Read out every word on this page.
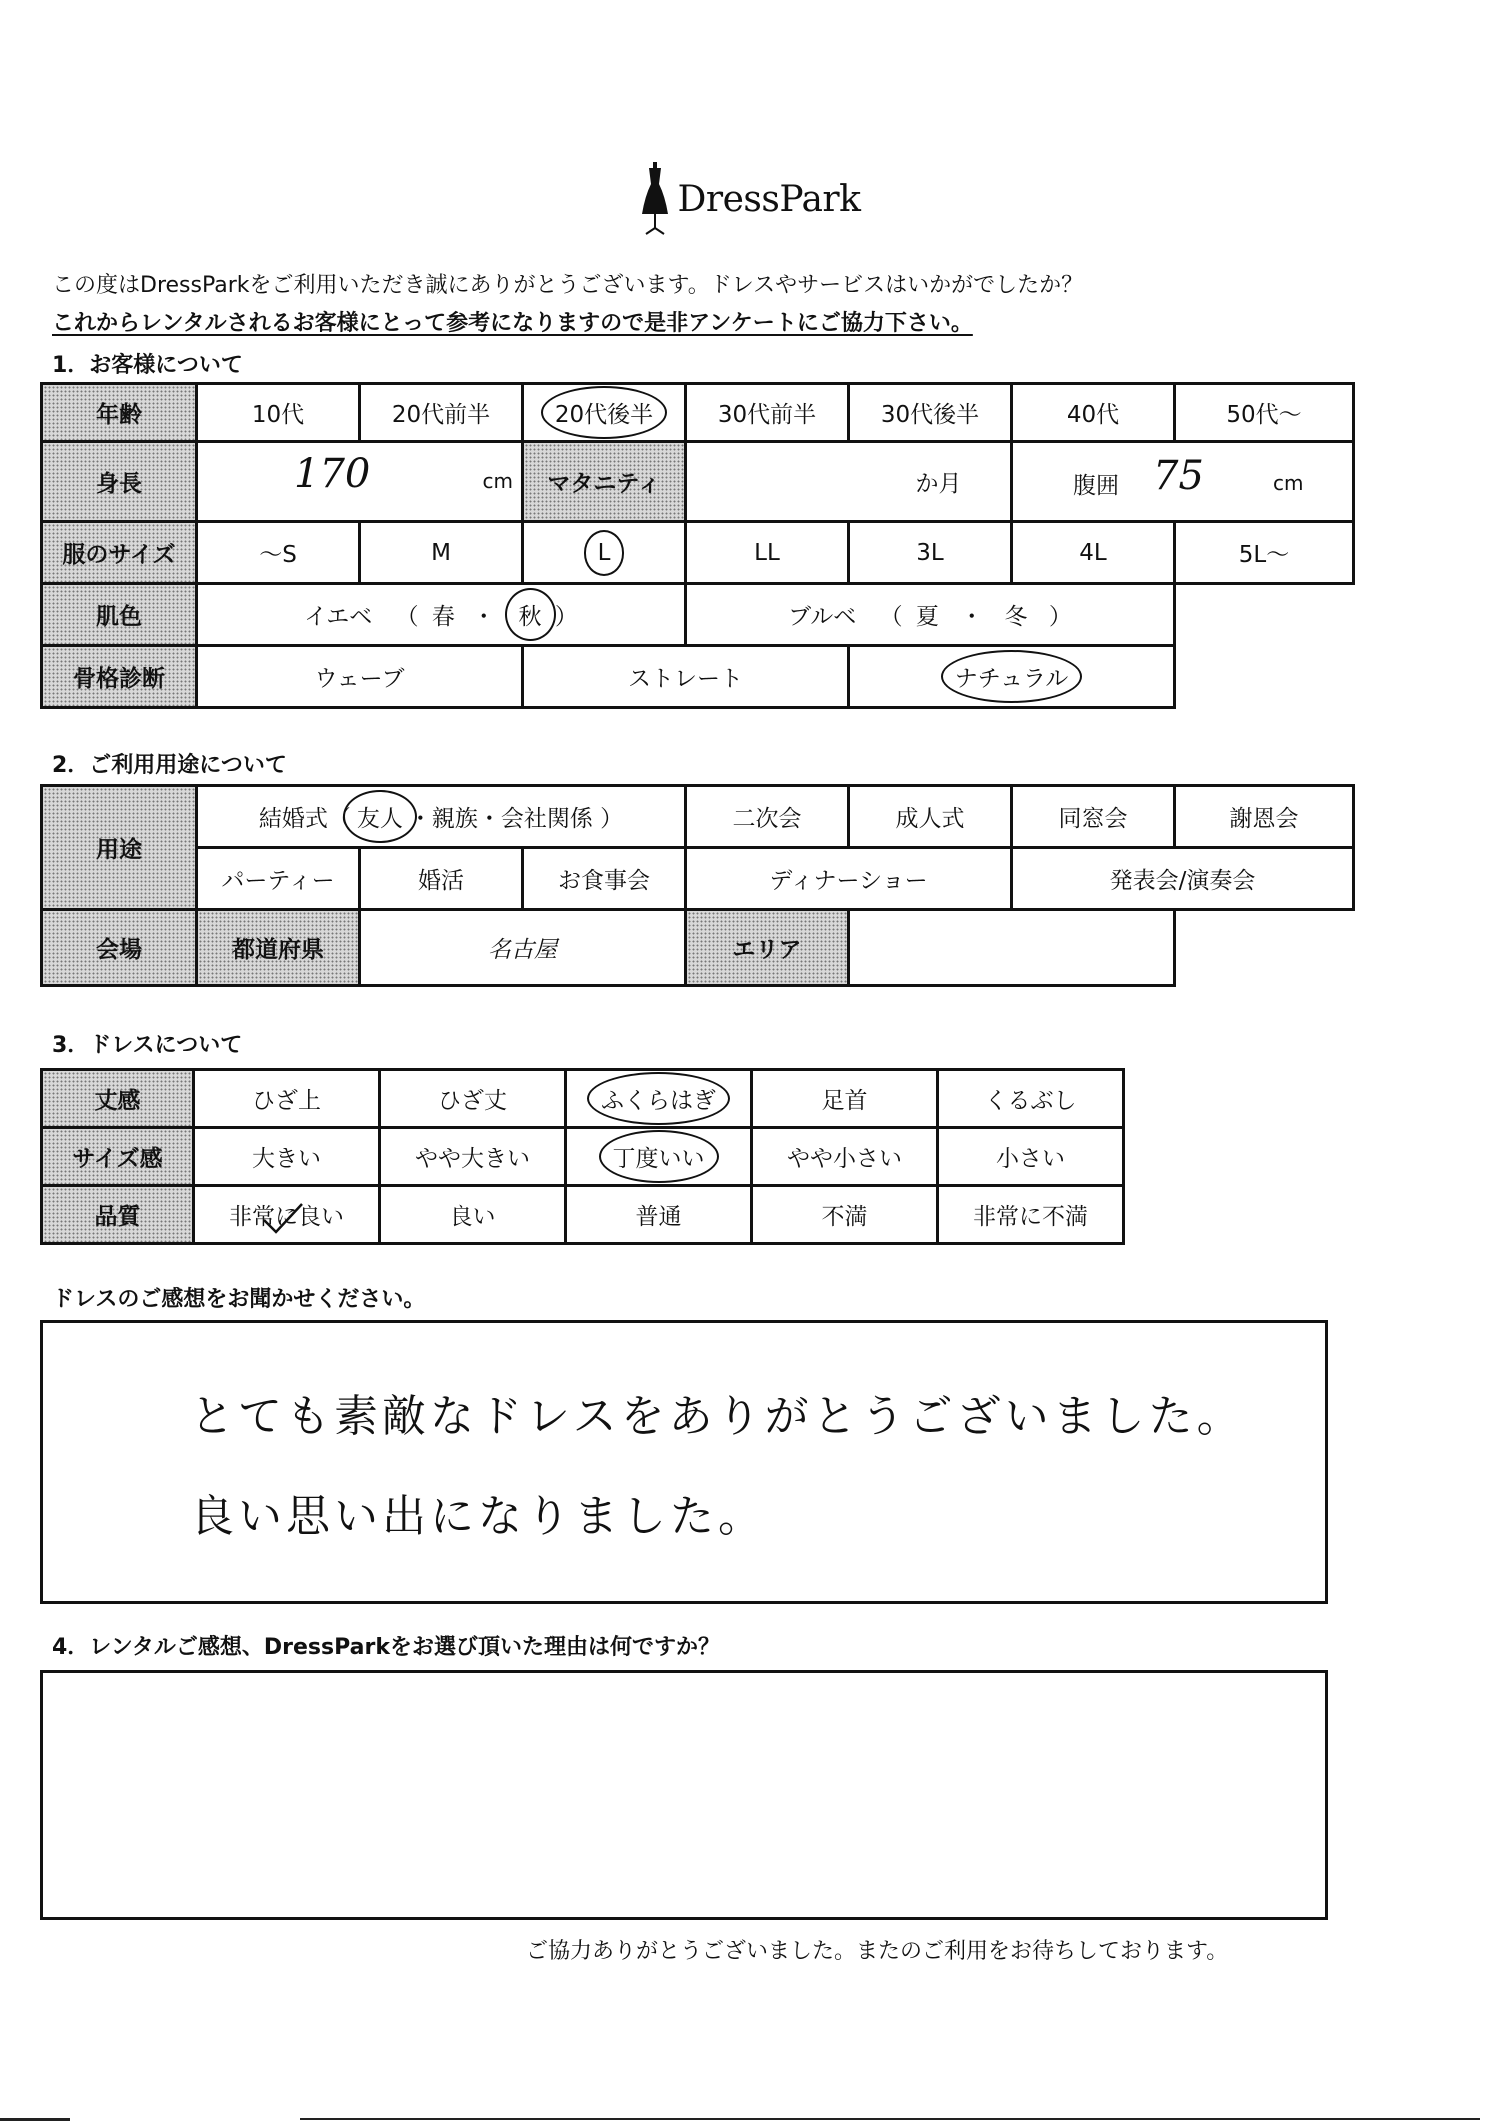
DressPark
この度はDressParkをご利用いただき誠にありがとうございます。ドレスやサービスはいかがでしたか？
これからレンタルされるお客様にとって参考になりますので是非アンケートにご協力下さい。
1．お客様について
年齢	10代	20代前半	20代後半	30代前半	30代後半	40代	50代～
身長	170 cm		マタニティ	か月		腹囲 75 cm	

服のサイズ	～S	M	L	LL	3L	4L	5L～
肌色	イエベ （ 春 ・ 秋 ）			ブルベ （ 夏 ・ 冬 ）			
骨格診断	ウェーブ		ストレート		ナチュラル		
2．ご利用用途について
用途	結婚式（ 友人 ・親族・会社関係 ）			二次会	成人式	同窓会	謝恩会
	パーティー	婚活	お食事会	ディナーショー		発表会/演奏会	
会場	都道府県	名古屋		エリア			
3．ドレスについて
丈感	ひざ上	ひざ丈	ふくらはぎ	足首	くるぶし
サイズ感	大きい	やや大きい	丁度いい	やや小さい	小さい
品質	非常に良い	良い	普通	不満	非常に不満
ドレスのご感想をお聞かせください。
とても素敵なドレスをありがとうございました。
良い思い出になりました。
4．レンタルご感想、DressParkをお選び頂いた理由は何ですか？
ご協力ありがとうございました。またのご利用をお待ちしております。
